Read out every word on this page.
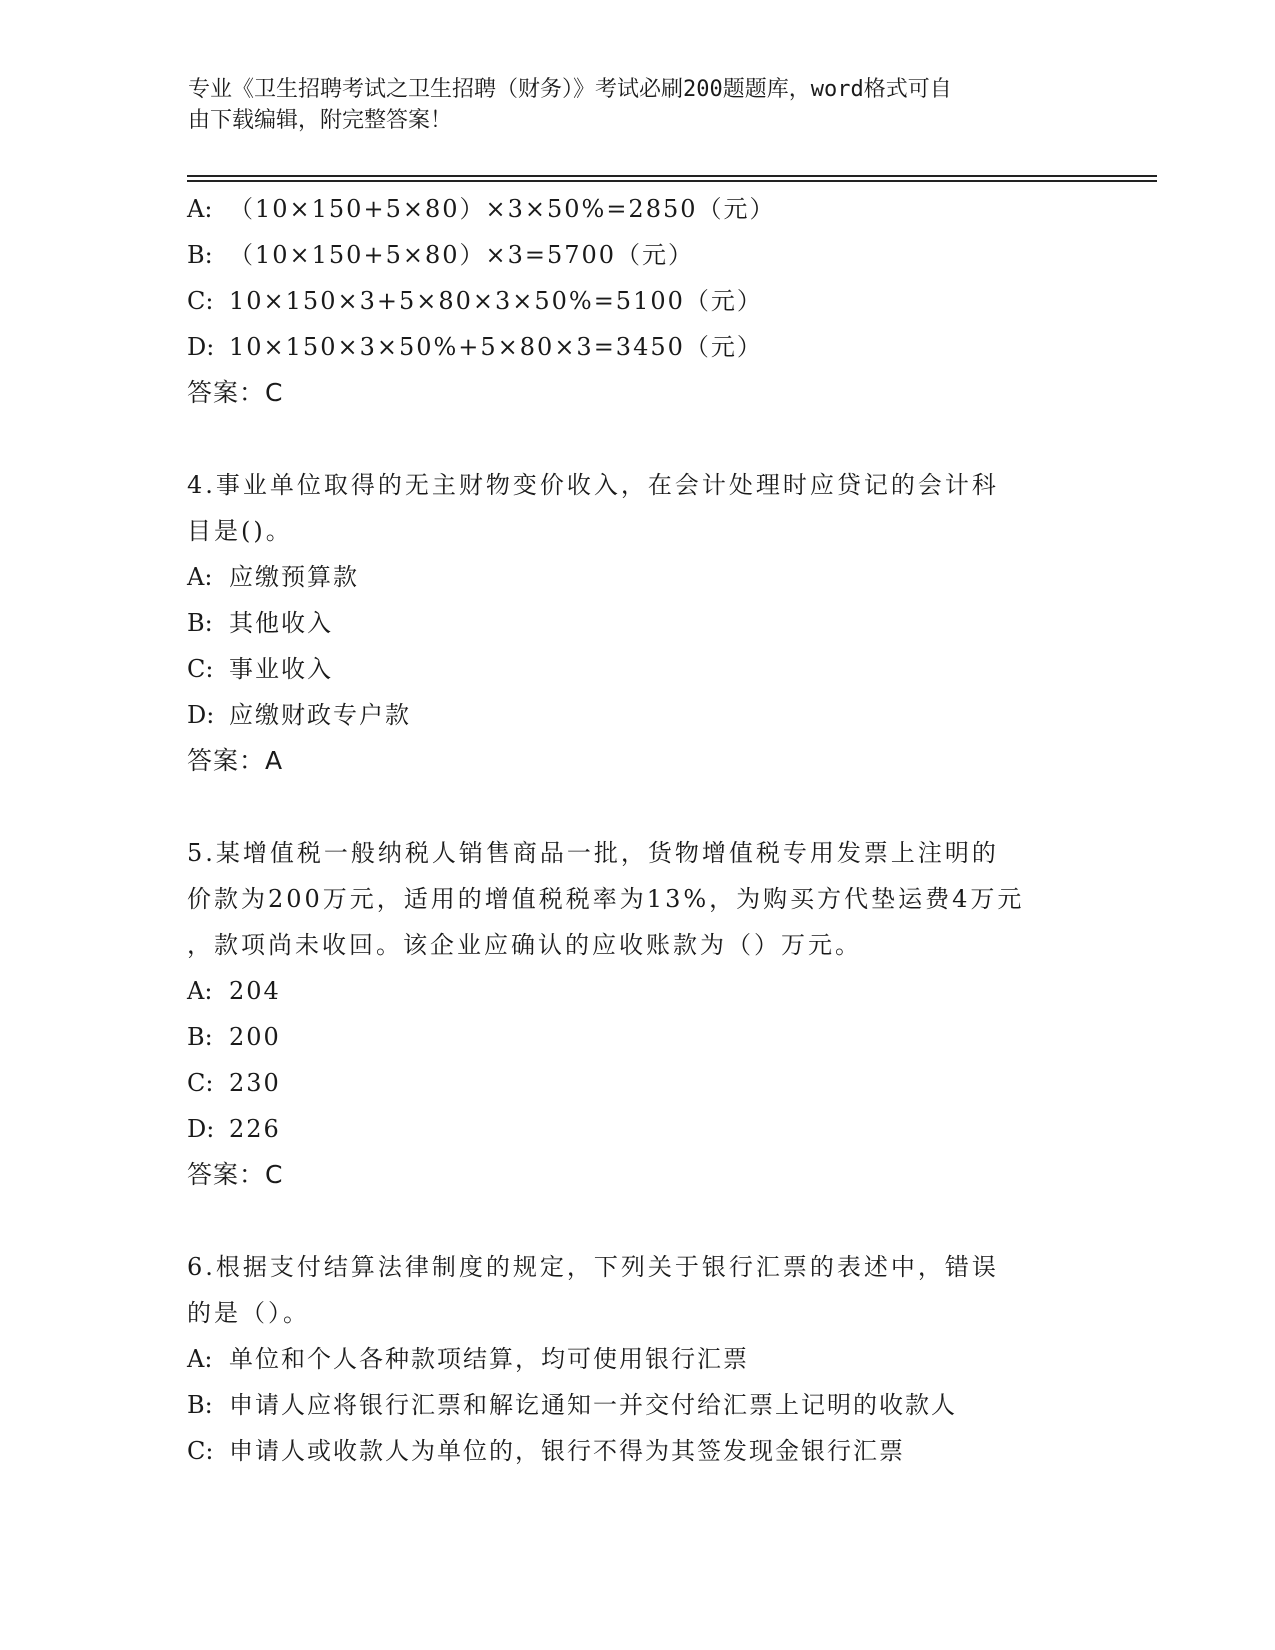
专业《卫生招聘考试之卫生招聘（财务）》考试必刷200题题库，word格式可自
由下载编辑，附完整答案！
A: （10×150+5×80）×3×50%=2850（元）
B: （10×150+5×80）×3=5700（元）
C: 10×150×3+5×80×3×50%=5100（元）
D: 10×150×3×50%+5×80×3=3450（元）
答案：C
4.事业单位取得的无主财物变价收入，在会计处理时应贷记的会计科
目是()。
A: 应缴预算款
B: 其他收入
C: 事业收入
D: 应缴财政专户款
答案：A
5.某增值税一般纳税人销售商品一批，货物增值税专用发票上注明的
价款为200万元，适用的增值税税率为13%，为购买方代垫运费4万元
，款项尚未收回。该企业应确认的应收账款为（）万元。
A: 204
B: 200
C: 230
D: 226
答案：C
6.根据支付结算法律制度的规定，下列关于银行汇票的表述中，错误
的是（）。
A: 单位和个人各种款项结算，均可使用银行汇票
B: 申请人应将银行汇票和解讫通知一并交付给汇票上记明的收款人
C: 申请人或收款人为单位的，银行不得为其签发现金银行汇票
